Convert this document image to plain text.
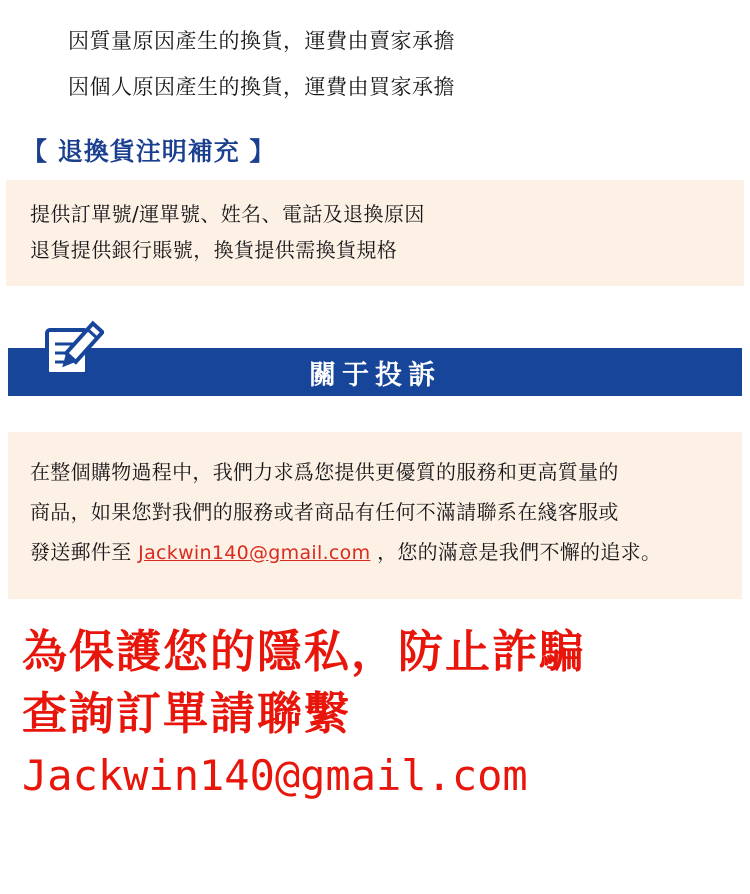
因質量原因產生的換貨，運費由賣家承擔
因個人原因產生的換貨，運費由買家承擔
【 退換貨注明補充 】
提供訂單號/運單號、姓名、電話及退換原因
退貨提供銀行賬號，換貨提供需換貨規格
關于投訴
在整個購物過程中，我們力求爲您提供更優質的服務和更高質量的
商品，如果您對我們的服務或者商品有任何不滿請聯系在綫客服或
發送郵件至 Jackwin140@gmail.com ，您的滿意是我們不懈的追求。
為保護您的隱私，防止詐騙
查詢訂單請聯繫
Jackwin140@gmail.com
